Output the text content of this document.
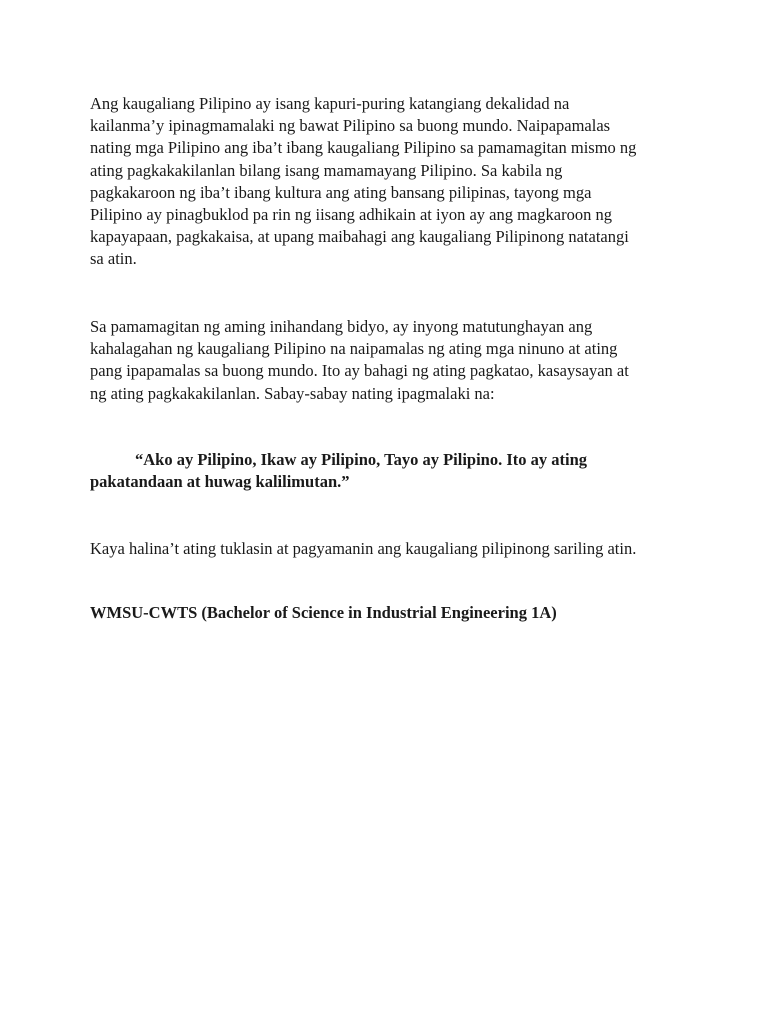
Ang kaugaliang Pilipino ay isang kapuri-puring katangiang dekalidad na
kailanma’y ipinagmamalaki ng bawat Pilipino sa buong mundo. Naipapamalas
nating mga Pilipino ang iba’t ibang kaugaliang Pilipino sa pamamagitan mismo ng
ating pagkakakilanlan bilang isang mamamayang Pilipino. Sa kabila ng
pagkakaroon ng iba’t ibang kultura ang ating bansang pilipinas, tayong mga
Pilipino ay pinagbuklod pa rin ng iisang adhikain at iyon ay ang magkaroon ng
kapayapaan, pagkakaisa, at upang maibahagi ang kaugaliang Pilipinong natatangi
sa atin.
Sa pamamagitan ng aming inihandang bidyo, ay inyong matutunghayan ang
kahalagahan ng kaugaliang Pilipino na naipamalas ng ating mga ninuno at ating
pang ipapamalas sa buong mundo. Ito ay bahagi ng ating pagkatao, kasaysayan at
ng ating pagkakakilanlan. Sabay-sabay nating ipagmalaki na:
“Ako ay Pilipino, Ikaw ay Pilipino, Tayo ay Pilipino. Ito ay ating
pakatandaan at huwag kalilimutan.”
Kaya halina’t ating tuklasin at pagyamanin ang kaugaliang pilipinong sariling atin.
WMSU-CWTS (Bachelor of Science in Industrial Engineering 1A)
